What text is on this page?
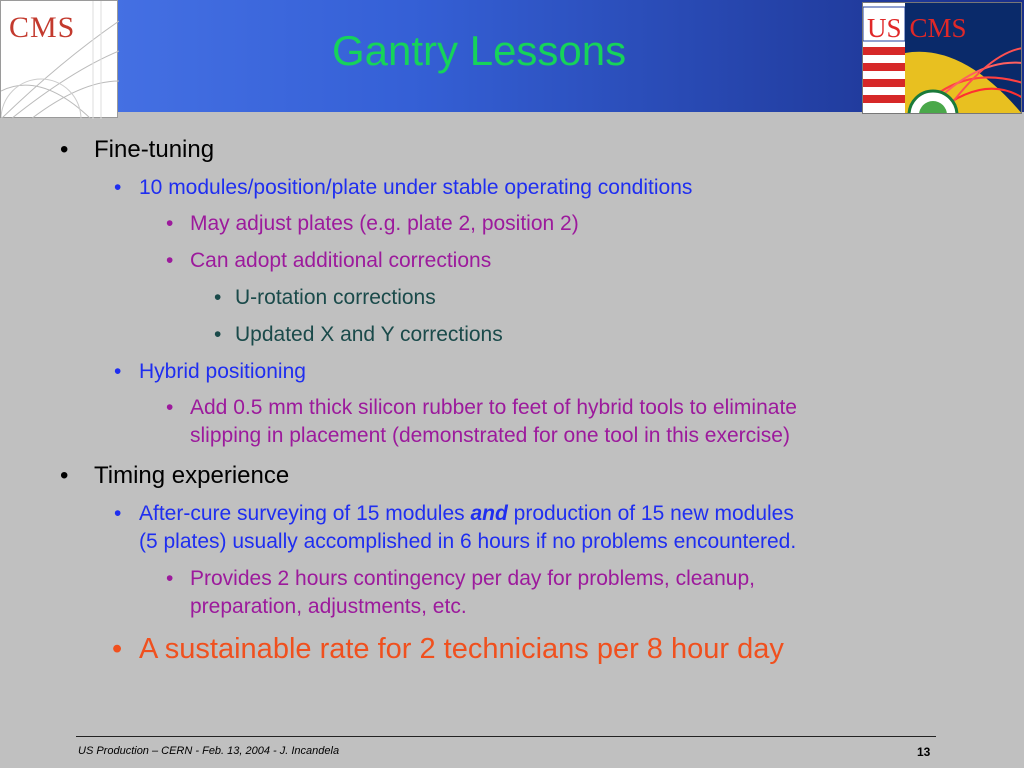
CMS	Gantry Lessons	US CMS
• Fine-tuning
• 10 modules/position/plate under stable operating conditions
• May adjust plates (e.g. plate 2, position 2)
• Can adopt additional corrections
• U-rotation corrections
• Updated X and Y corrections
• Hybrid positioning
• Add 0.5 mm thick silicon rubber to feet of hybrid tools to eliminate
slipping in placement (demonstrated for one tool in this exercise)
• Timing experience
• After-cure surveying of 15 modules and production of 15 new modules
(5 plates) usually accomplished in 6 hours if no problems encountered.
• Provides 2 hours contingency per day for problems, cleanup,
preparation, adjustments, etc.
• A sustainable rate for 2 technicians per 8 hour day
US Production – CERN - Feb. 13, 2004 - J. Incandela	13
